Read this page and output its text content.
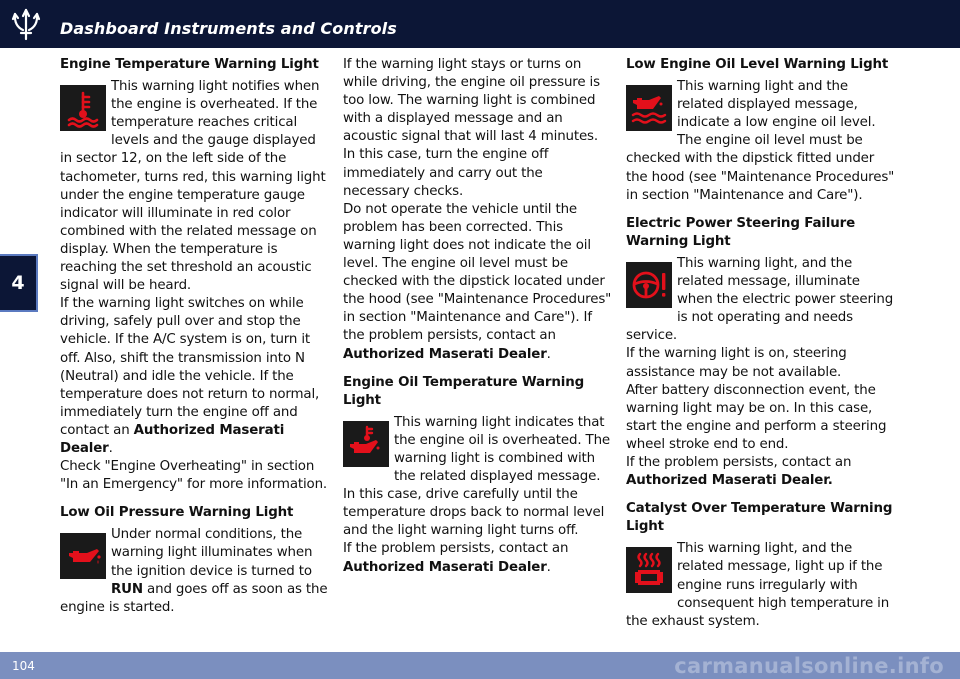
Dashboard Instruments and Controls
4
Engine Temperature Warning Light

This warning light notifies when the engine is overheated. If the temperature reaches critical levels and the gauge displayed in sector 12, on the left side of the tachometer, turns red, this warning light under the engine temperature gauge indicator will illuminate in red color combined with the related message on display. When the temperature is reaching the set threshold an acoustic signal will be heard.

If the warning light switches on while driving, safely pull over and stop the vehicle. If the A/C system is on, turn it off. Also, shift the transmission into N (Neutral) and idle the vehicle. If the temperature does not return to normal, immediately turn the engine off and contact an Authorized Maserati Dealer.

Check "Engine Overheating" in section "In an Emergency" for more information.

Low Oil Pressure Warning Light

Under normal conditions, the warning light illuminates when the ignition device is turned to RUN and goes off as soon as the engine is started.

If the warning light stays or turns on while driving, the engine oil pressure is too low. The warning light is combined with a displayed message and an acoustic signal that will last 4 minutes. In this case, turn the engine off immediately and carry out the necessary checks.

Do not operate the vehicle until the problem has been corrected. This warning light does not indicate the oil level. The engine oil level must be checked with the dipstick located under the hood (see "Maintenance Procedures" in section "Maintenance and Care"). If the problem persists, contact an Authorized Maserati Dealer.

Engine Oil Temperature Warning Light

This warning light indicates that the engine oil is overheated. The warning light is combined with the related displayed message. In this case, drive carefully until the temperature drops back to normal level and the light warning light turns off.

If the problem persists, contact an
Authorized Maserati Dealer.

Low Engine Oil Level Warning Light

This warning light and the related displayed message, indicate a low engine oil level. The engine oil level must be checked with the dipstick fitted under the hood (see "Maintenance Procedures" in section "Maintenance and Care").

Electric Power Steering Failure Warning Light

This warning light, and the related message, illuminate when the electric power steering is not operating and needs service.

If the warning light is on, steering assistance may be not available.

After battery disconnection event, the warning light may be on. In this case, start the engine and perform a steering wheel stroke end to end.

If the problem persists, contact an
Authorized Maserati Dealer.

Catalyst Over Temperature Warning Light

This warning light, and the related message, light up if the engine runs irregularly with consequent high temperature in the exhaust system.

104	carmanualsonline.info
